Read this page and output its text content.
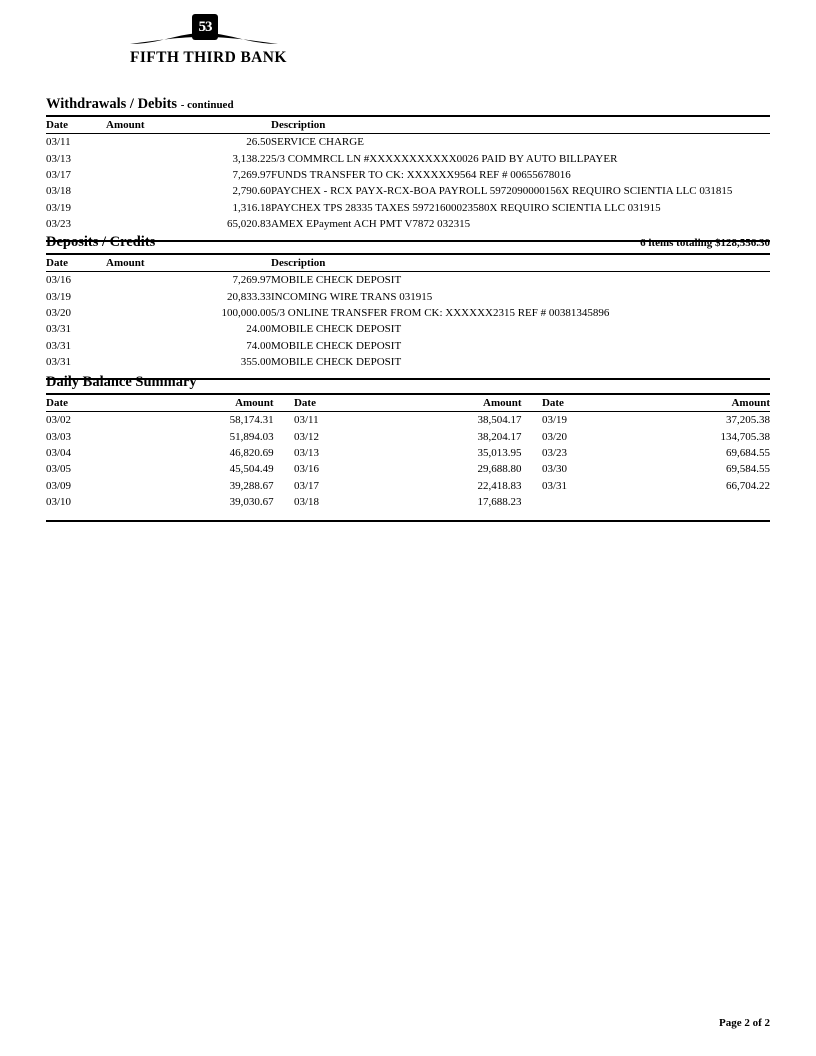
53
FIFTH THIRD BANK
Withdrawals / Debits - continued
Date	Amount	Description
03/11	26.50	SERVICE CHARGE
03/13	3,138.22	5/3 COMMRCL LN #XXXXXXXXXXX0026 PAID BY AUTO BILLPAYER
03/17	7,269.97	FUNDS TRANSFER TO CK: XXXXXX9564 REF # 00655678016
03/18	2,790.60	PAYCHEX - RCX PAYX-RCX-BOA PAYROLL 5972090000156X REQUIRO SCIENTIA LLC 031815
03/19	1,316.18	PAYCHEX TPS 28335 TAXES 59721600023580X REQUIRO SCIENTIA LLC 031915
03/23	65,020.83	AMEX EPayment ACH PMT V7872 032315
Deposits / Credits	6 items totaling $128,556.30
Date	Amount	Description
03/16	7,269.97	MOBILE CHECK DEPOSIT
03/19	20,833.33	INCOMING WIRE TRANS 031915
03/20	100,000.00	5/3 ONLINE TRANSFER FROM CK: XXXXXX2315 REF # 00381345896
03/31	24.00	MOBILE CHECK DEPOSIT
03/31	74.00	MOBILE CHECK DEPOSIT
03/31	355.00	MOBILE CHECK DEPOSIT
Daily Balance Summary
Date	Amount		Date	Amount		Date	Amount
03/02	58,174.31		03/11	38,504.17		03/19	37,205.38
03/03	51,894.03		03/12	38,204.17		03/20	134,705.38
03/04	46,820.69		03/13	35,013.95		03/23	69,684.55
03/05	45,504.49		03/16	29,688.80		03/30	69,584.55
03/09	39,288.67		03/17	22,418.83		03/31	66,704.22
03/10	39,030.67		03/18	17,688.23			
Page 2 of 2
